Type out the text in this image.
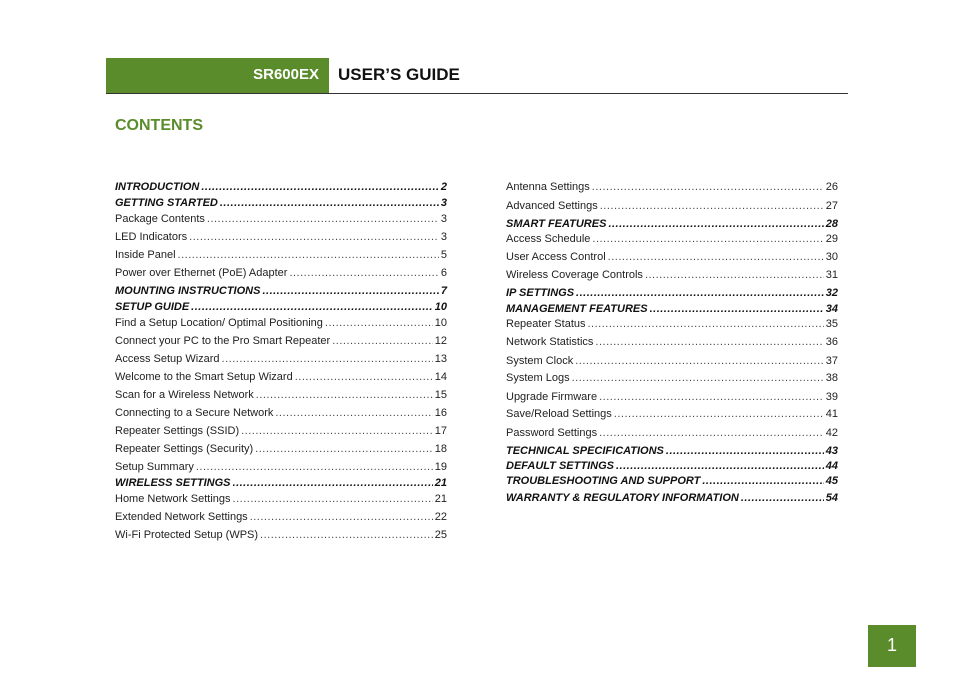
SR600EX USER’S GUIDE
CONTENTS
INTRODUCTION .....	2
GETTING STARTED .....	3
Package Contents .....	3
LED Indicators .....	3
Inside Panel .....	5
Power over Ethernet (PoE) Adapter .....	6
MOUNTING INSTRUCTIONS .....	7
SETUP GUIDE .....	10
Find a Setup Location/ Optimal Positioning .....	10
Connect your PC to the Pro Smart Repeater .....	12
Access Setup Wizard .....	13
Welcome to the Smart Setup Wizard .....	14
Scan for a Wireless Network .....	15
Connecting to a Secure Network .....	16
Repeater Settings (SSID) .....	17
Repeater Settings (Security) .....	18
Setup Summary .....	19
WIRELESS SETTINGS .....	21
Home Network Settings .....	21
Extended Network Settings .....	22
Wi-Fi Protected Setup (WPS) .....	25
Antenna Settings .....	26
Advanced Settings .....	27
SMART FEATURES .....	28
Access Schedule .....	29
User Access Control .....	30
Wireless Coverage Controls .....	31
IP SETTINGS .....	32
MANAGEMENT FEATURES .....	34
Repeater Status .....	35
Network Statistics .....	36
System Clock .....	37
System Logs .....	38
Upgrade Firmware .....	39
Save/Reload Settings .....	41
Password Settings .....	42
TECHNICAL SPECIFICATIONS .....	43
DEFAULT SETTINGS .....	44
TROUBLESHOOTING AND SUPPORT .....	45
WARRANTY & REGULATORY INFORMATION .....	54
1
